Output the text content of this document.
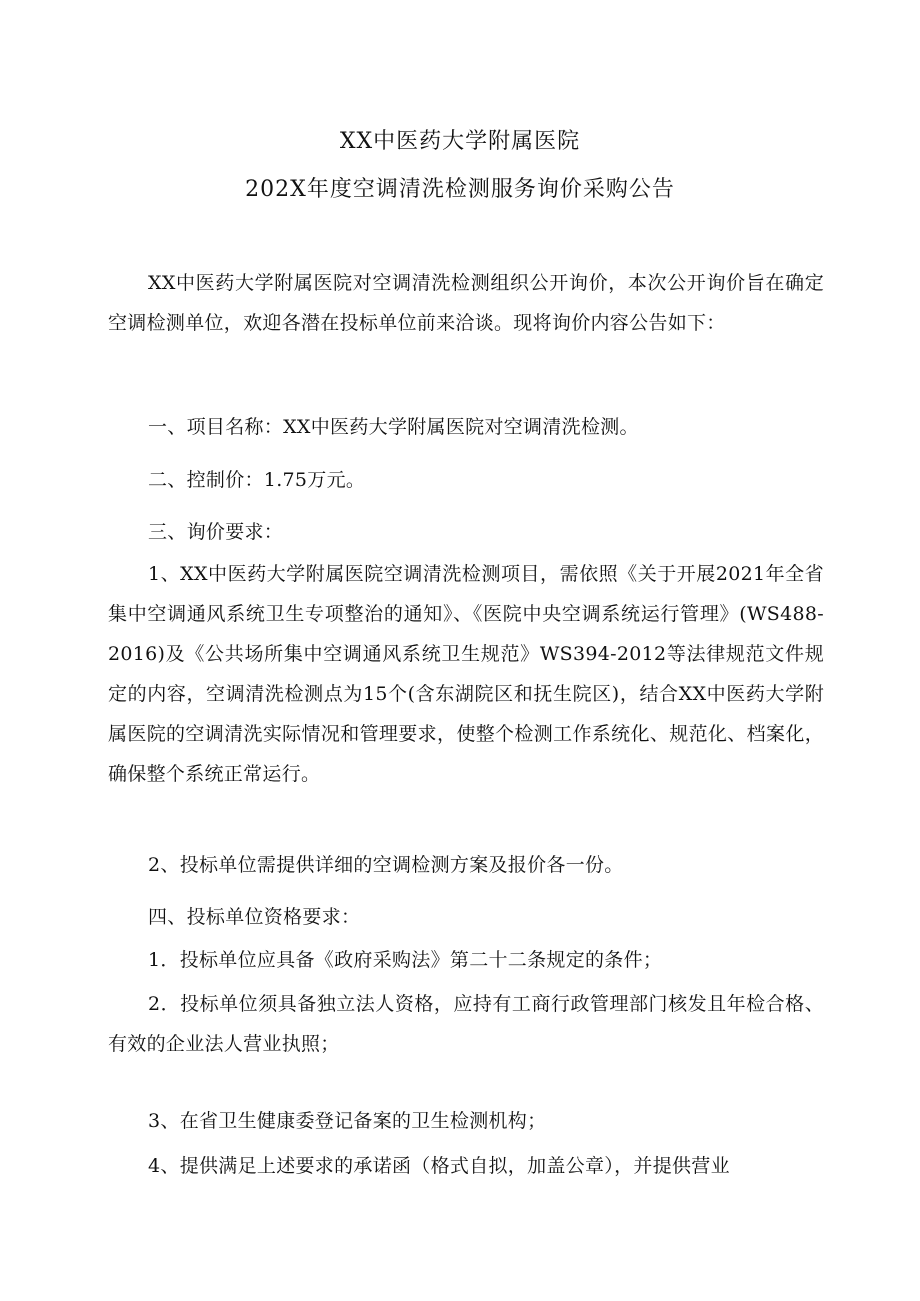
XX中医药大学附属医院
202X年度空调清洗检测服务询价采购公告
XX中医药大学附属医院对空调清洗检测组织公开询价，本次公开询价旨在确定空调检测单位，欢迎各潜在投标单位前来洽谈。现将询价内容公告如下：
一、项目名称：XX中医药大学附属医院对空调清洗检测。
二、控制价：1.75万元。
三、询价要求：
1、XX中医药大学附属医院空调清洗检测项目，需依照《关于开展2021年全省集中空调通风系统卫生专项整治的通知》、《医院中央空调系统运行管理》(WS488-2016)及《公共场所集中空调通风系统卫生规范》WS394-2012等法律规范文件规定的内容，空调清洗检测点为15个(含东湖院区和抚生院区)，结合XX中医药大学附属医院的空调清洗实际情况和管理要求，使整个检测工作系统化、规范化、档案化，确保整个系统正常运行。
2、投标单位需提供详细的空调检测方案及报价各一份。
四、投标单位资格要求：
1．投标单位应具备《政府采购法》第二十二条规定的条件；
2．投标单位须具备独立法人资格，应持有工商行政管理部门核发且年检合格、有效的企业法人营业执照；
3、在省卫生健康委登记备案的卫生检测机构；
4、提供满足上述要求的承诺函（格式自拟，加盖公章），并提供营业
